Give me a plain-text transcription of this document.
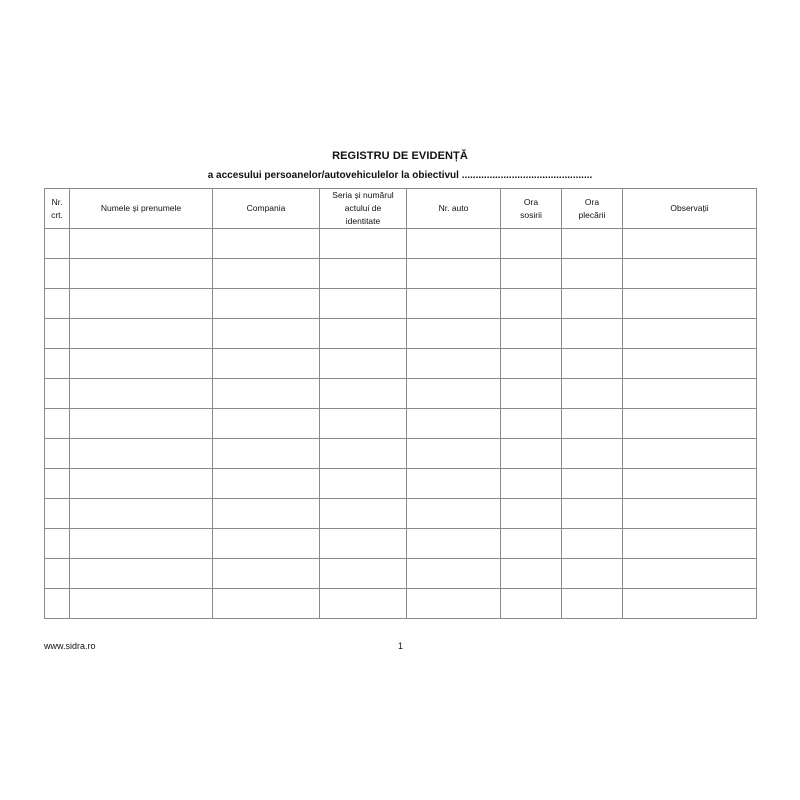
REGISTRU DE EVIDENȚĂ
a accesului persoanelor/autovehiculelor la obiectivul ...............................................
Nr.
crt.	Numele și prenumele	Compania	Seria și numărul
actului de
identitate	Nr. auto	Ora
sosirii	Ora
plecării	Observații

www.sidra.ro	1
